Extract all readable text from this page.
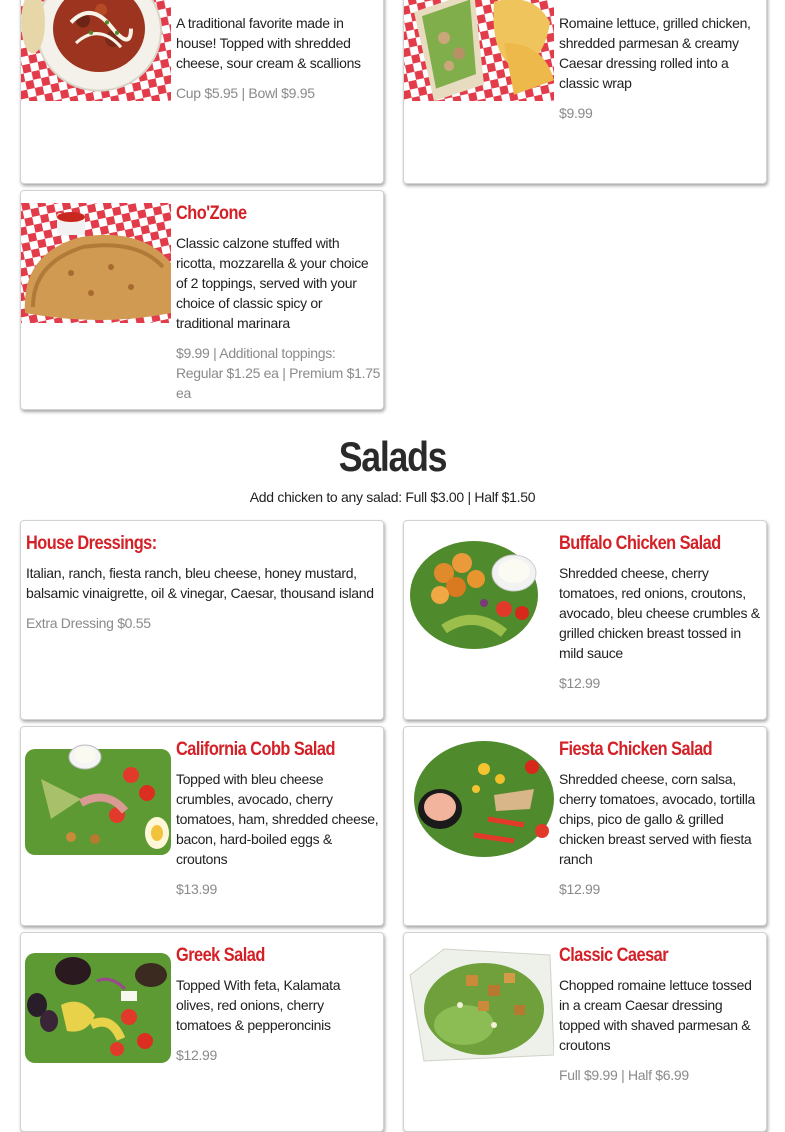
A traditional favorite made in house! Topped with shredded cheese, sour cream & scallions
Cup $5.95 | Bowl $9.95
Romaine lettuce, grilled chicken, shredded parmesan & creamy Caesar dressing rolled into a classic wrap
$9.99
Cho'Zone
Classic calzone stuffed with ricotta, mozzarella & your choice of 2 toppings, served with your choice of classic spicy or traditional marinara
$9.99 | Additional toppings: Regular $1.25 ea | Premium $1.75 ea
Salads
Add chicken to any salad: Full $3.00 | Half $1.50
House Dressings:
Italian, ranch, fiesta ranch, bleu cheese, honey mustard, balsamic vinaigrette, oil & vinegar, Caesar, thousand island
Extra Dressing $0.55
Buffalo Chicken Salad
Shredded cheese, cherry tomatoes, red onions, croutons, avocado, bleu cheese crumbles & grilled chicken breast tossed in mild sauce
$12.99
California Cobb Salad
Topped with bleu cheese crumbles, avocado, cherry tomatoes, ham, shredded cheese, bacon, hard-boiled eggs & croutons
$13.99
Fiesta Chicken Salad
Shredded cheese, corn salsa, cherry tomatoes, avocado, tortilla chips, pico de gallo & grilled chicken breast served with fiesta ranch
$12.99
Greek Salad
Topped With feta, Kalamata olives, red onions, cherry tomatoes & pepperoncinis
$12.99
Classic Caesar
Chopped romaine lettuce tossed in a cream Caesar dressing topped with shaved parmesan & croutons
Full $9.99 | Half $6.99
